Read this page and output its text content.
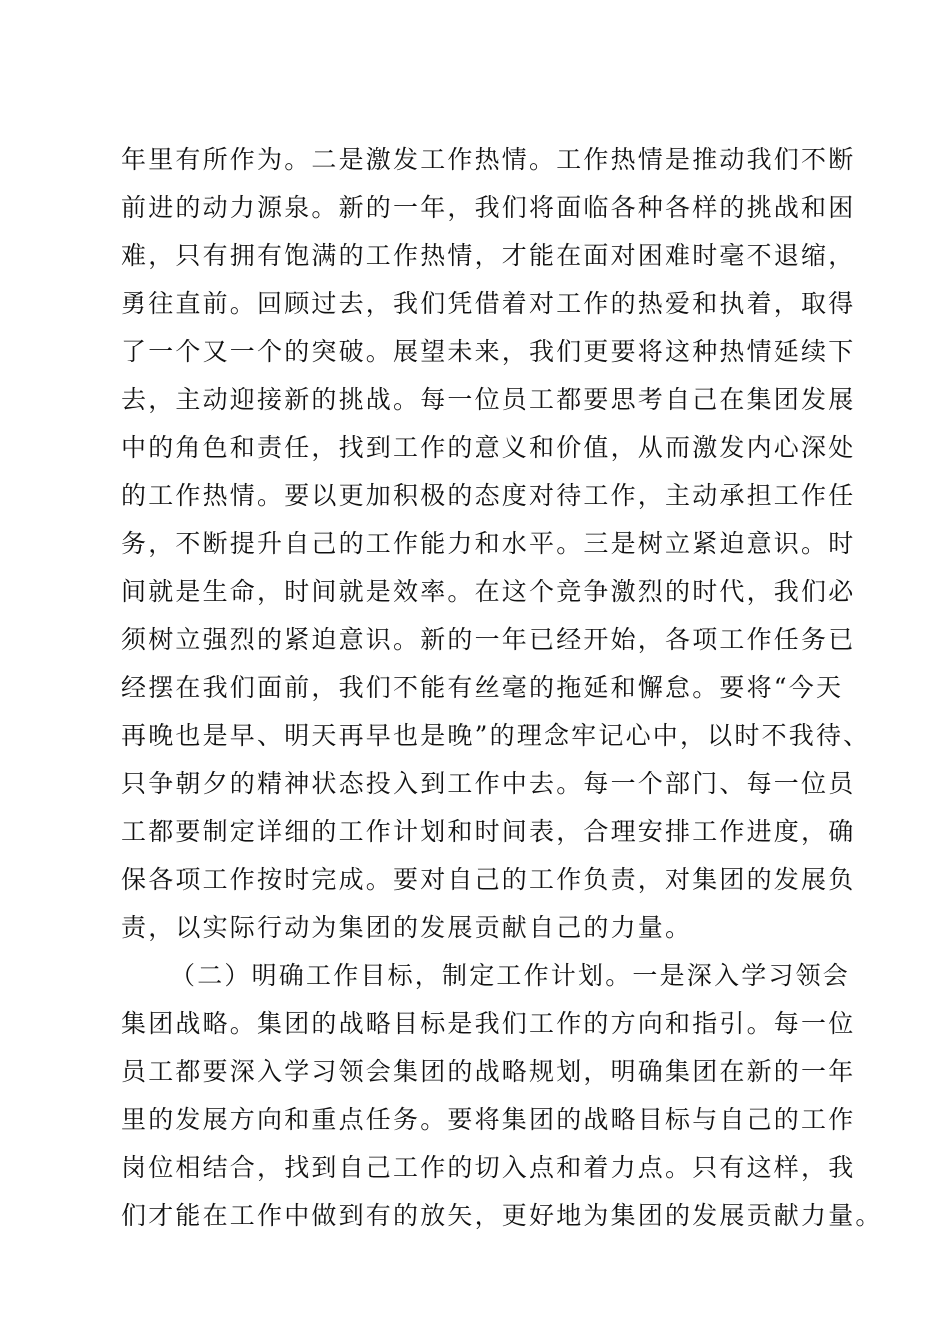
年里有所作为。二是激发工作热情。工作热情是推动我们不断
前进的动力源泉。新的一年，我们将面临各种各样的挑战和困
难，只有拥有饱满的工作热情，才能在面对困难时毫不退缩，
勇往直前。回顾过去，我们凭借着对工作的热爱和执着，取得
了一个又一个的突破。展望未来，我们更要将这种热情延续下
去，主动迎接新的挑战。每一位员工都要思考自己在集团发展
中的角色和责任，找到工作的意义和价值，从而激发内心深处
的工作热情。要以更加积极的态度对待工作，主动承担工作任
务，不断提升自己的工作能力和水平。三是树立紧迫意识。时
间就是生命，时间就是效率。在这个竞争激烈的时代，我们必
须树立强烈的紧迫意识。新的一年已经开始，各项工作任务已
经摆在我们面前，我们不能有丝毫的拖延和懈怠。要将“今天
再晚也是早、明天再早也是晚”的理念牢记心中，以时不我待、
只争朝夕的精神状态投入到工作中去。每一个部门、每一位员
工都要制定详细的工作计划和时间表，合理安排工作进度，确
保各项工作按时完成。要对自己的工作负责，对集团的发展负
责，以实际行动为集团的发展贡献自己的力量。
（二）明确工作目标，制定工作计划。一是深入学习领会
集团战略。集团的战略目标是我们工作的方向和指引。每一位
员工都要深入学习领会集团的战略规划，明确集团在新的一年
里的发展方向和重点任务。要将集团的战略目标与自己的工作
岗位相结合，找到自己工作的切入点和着力点。只有这样，我
们才能在工作中做到有的放矢，更好地为集团的发展贡献力量。
